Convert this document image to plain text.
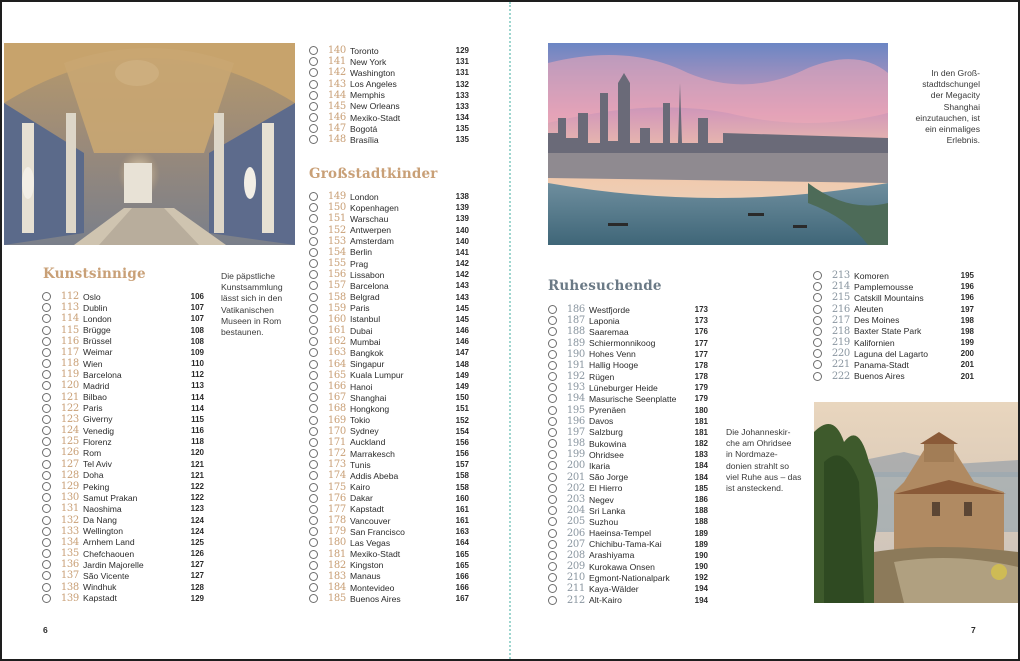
Die päpstliche
Kunstsammlung
lässt sich in den
Vatikanischen
Museen in Rom
bestaunen.
Kunstsinnige
112 Oslo	106
113 Dublin	107
114 London	107
115 Brügge	108
116 Brüssel	108
117 Weimar	109
118 Wien	110
119 Barcelona	112
120 Madrid	113
121 Bilbao	114
122 Paris	114
123 Giverny	115
124 Venedig	116
125 Florenz	118
126 Rom	120
127 Tel Aviv	121
128 Doha	121
129 Peking	122
130 Samut Prakan	122
131 Naoshima	123
132 Da Nang	124
133 Wellington	124
134 Arnhem Land	125
135 Chefchaouen	126
136 Jardin Majorelle	127
137 São Vicente	127
138 Windhuk	128
139 Kapstadt	129
140 Toronto	129
141 New York	131
142 Washington	131
143 Los Angeles	132
144 Memphis	133
145 New Orleans	133
146 Mexiko-Stadt	134
147 Bogotá	135
148 Brasília	135
Großstadtkinder
149 London	138
150 Kopenhagen	139
151 Warschau	139
152 Antwerpen	140
153 Amsterdam	140
154 Berlin	141
155 Prag	142
156 Lissabon	142
157 Barcelona	143
158 Belgrad	143
159 Paris	145
160 Istanbul	145
161 Dubai	146
162 Mumbai	146
163 Bangkok	147
164 Singapur	148
165 Kuala Lumpur	149
166 Hanoi	149
167 Shanghai	150
168 Hongkong	151
169 Tokio	152
170 Sydney	154
171 Auckland	156
172 Marrakesch	156
173 Tunis	157
174 Addis Abeba	158
175 Kairo	158
176 Dakar	160
177 Kapstadt	161
178 Vancouver	161
179 San Francisco	163
180 Las Vegas	164
181 Mexiko-Stadt	165
182 Kingston	165
183 Manaus	166
184 Montevideo	166
185 Buenos Aires	167
In den Groß-
stadtdschungel
der Megacity
Shanghai
einzutauchen, ist
ein einmaliges
Erlebnis.
Ruhesuchende
186 Westfjorde	173
187 Laponia	173
188 Saaremaa	176
189 Schiermonnikoog	177
190 Hohes Venn	177
191 Hallig Hooge	178
192 Rügen	178
193 Lüneburger Heide	179
194 Masurische Seenplatte	179
195 Pyrenäen	180
196 Davos	181
197 Salzburg	181
198 Bukowina	182
199 Ohridsee	183
200 Ikaria	184
201 São Jorge	184
202 El Hierro	185
203 Negev	186
204 Sri Lanka	188
205 Suzhou	188
206 Haeinsa-Tempel	189
207 Chichibu-Tama-Kai	189
208 Arashiyama	190
209 Kurokawa Onsen	190
210 Egmont-Nationalpark	192
211 Kaya-Wälder	194
212 Alt-Kairo	194
213 Komoren	195
214 Pamplemousse	196
215 Catskill Mountains	196
216 Aleuten	197
217 Des Moines	198
218 Baxter State Park	198
219 Kalifornien	199
220 Laguna del Lagarto	200
221 Panama-Stadt	201
222 Buenos Aires	201
Die Johanneskir-
che am Ohridsee
in Nordmaze-
donien strahlt so
viel Ruhe aus – das
ist ansteckend.
6	7
